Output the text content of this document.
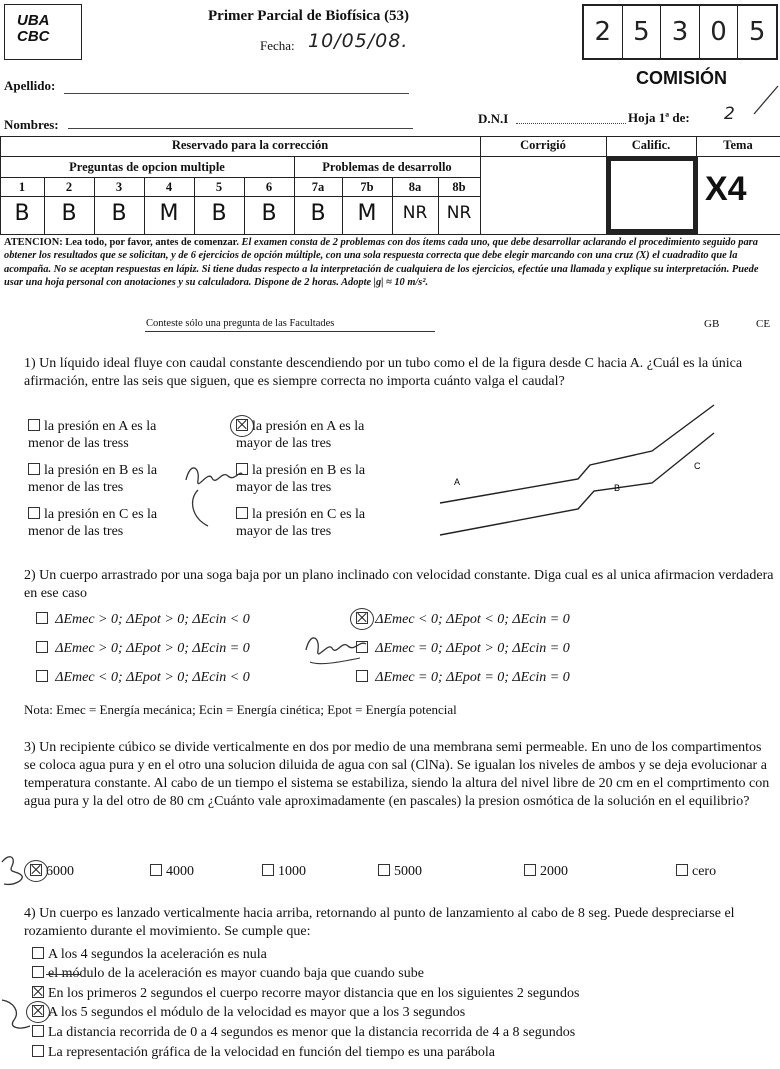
UBA
CBC
Primer Parcial de Biofísica (53)
Fecha: 10/05/08.	2 5 3 0 5
COMISIÓN
Apellido:
Nombres:	D.N.I	Hoja 1ª de: 2
Reservado para la corrección
Preguntas de opcion multiple	Problemas de desarrollo
Corrigió	Calific.	Tema
1	2	3	4	5	6	7a	7b	8a	8b
B	B	B	M	B	B	B	M	NR	NR
X4
ATENCION: Lea todo, por favor, antes de comenzar. El examen consta de 2 problemas con dos ítems cada uno, que debe desarrollar aclarando el procedimiento seguido para obtener los resultados que se solicitan, y de 6 ejercicios de opción múltiple, con una sola respuesta correcta que debe elegir marcando con una cruz (X) el cuadradito que la acompaña. No se aceptan respuestas en lápiz. Si tiene dudas respecto a la interpretación de cualquiera de los ejercicios, efectúe una llamada y explique su interpretación. Puede usar una hoja personal con anotaciones y su calculadora. Dispone de 2 horas. Adopte |g| ≈ 10 m/s².
Conteste sólo una pregunta de las Facultades	GB	CE
1) Un líquido ideal fluye con caudal constante descendiendo por un tubo como el de la figura desde C hacia A. ¿Cuál es la única afirmación, entre las seis que siguen, que es siempre correcta no importa cuánto valga el caudal?
la presión en A es la
menor de las tress
la presión en A es la
mayor de las tres
la presión en B es la
menor de las tres
la presión en B es la
mayor de las tres
la presión en C es la
menor de las tres
la presión en C es la
mayor de las tres
A
B
C
2) Un cuerpo arrastrado por una soga baja por un plano inclinado con velocidad constante. Diga cual es al unica afirmacion verdadera en ese caso
ΔEmec > 0; ΔEpot > 0; ΔEcin < 0	ΔEmec < 0; ΔEpot < 0; ΔEcin = 0
ΔEmec > 0; ΔEpot > 0; ΔEcin = 0	ΔEmec = 0; ΔEpot > 0; ΔEcin = 0
ΔEmec < 0; ΔEpot > 0; ΔEcin < 0	ΔEmec = 0; ΔEpot = 0; ΔEcin = 0
Nota: Emec = Energía mecánica; Ecin = Energía cinética; Epot = Energía potencial
3) Un recipiente cúbico se divide verticalmente en dos por medio de una membrana semi permeable. En uno de los compartimentos se coloca agua pura y en el otro una solucion diluida de agua con sal (ClNa). Se igualan los niveles de ambos y se deja evolucionar a temperatura constante. Al cabo de un tiempo el sistema se estabiliza, siendo la altura del nivel libre de 20 cm en el comprtimento con agua pura y la del otro de 80 cm ¿Cuánto vale aproximadamente (en pascales) la presion osmótica de la solución en el equilibrio?
6000	4000	1000	5000	2000	cero
4) Un cuerpo es lanzado verticalmente hacia arriba, retornando al punto de lanzamiento al cabo de 8 seg. Puede despreciarse el rozamiento durante el movimiento. Se cumple que:
A los 4 segundos la aceleración es nula
el módulo de la aceleración es mayor cuando baja que cuando sube
En los primeros 2 segundos el cuerpo recorre mayor distancia que en los siguientes 2 segundos
A los 5 segundos el módulo de la velocidad es mayor que a los 3 segundos
La distancia recorrida de 0 a 4 segundos es menor que la distancia recorrida de 4 a 8 segundos
La representación gráfica de la velocidad en función del tiempo es una parábola
